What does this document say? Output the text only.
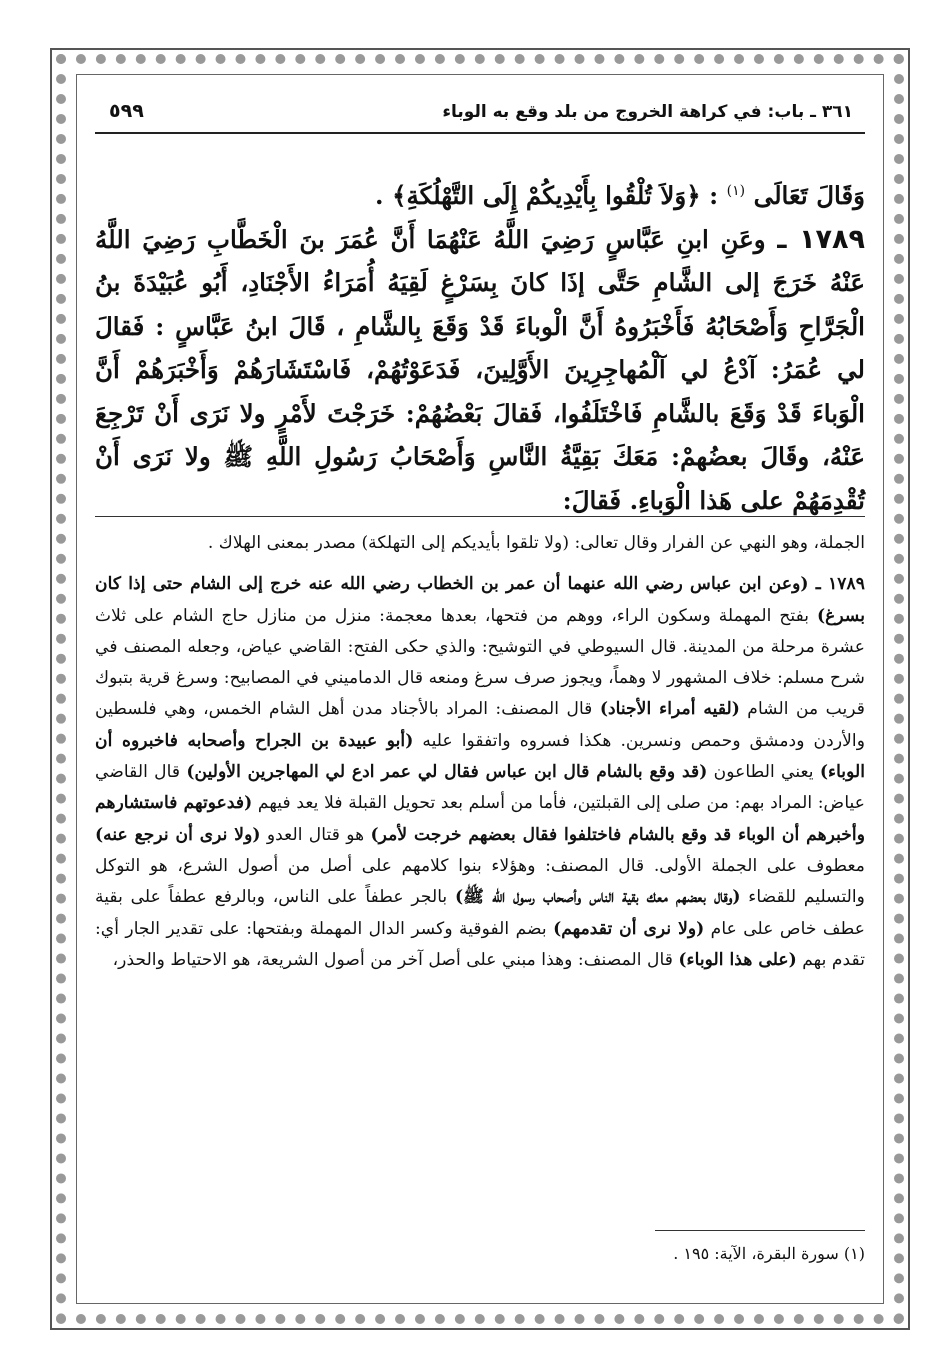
٣٦١ ـ باب: في كراهة الخروج من بلد وقع به الوباء
٥٩٩

وَقَالَ تَعَالَى $^{(١)}$ : ﴿وَلاَ تُلْقُوا بِأَيْدِيكُمْ إِلَى التَّهْلُكَةِ﴾ .

١٧٨٩ ـ وعَنِ ابنِ عَبَّاسٍ رَضِيَ اللَّهُ عَنْهُمَا أَنَّ عُمَرَ بنَ الْخَطَّابِ رَضِيَ اللَّهُ عَنْهُ خَرَجَ إلى الشَّامِ حَتَّى إذَا كانَ بِسَرْغٍ لَقِيَهُ أُمَرَاءُ الأَجْنَادِ، أَبُو عُبَيْدَةَ بنُ الْجَرَّاحِ وَأَصْحَابُهُ فَأَخْبَرُوهُ أَنَّ الْوباءَ قَدْ وَقَعَ بِالشَّامِ ، قَالَ ابنُ عَبَّاسٍ : فَقالَ لي عُمَرُ: آدْعُ لي آلْمُهاجِرِينَ الأَوَّلِينَ، فَدَعَوْتُهُمْ، فَاسْتَشَارَهُمْ وَأَخْبَرَهُمْ أَنَّ الْوَباءَ قَدْ وَقَعَ بالشَّامِ فَاخْتَلَفُوا، فَقالَ بَعْضُهُمْ: خَرَجْتَ لأَمْرٍ ولا نَرَى أَنْ تَرْجِعَ عَنْهُ، وقَالَ بعضُهمْ: مَعَكَ بَقِيَّةُ النَّاسِ وَأَصْحَابُ رَسُولِ اللَّهِ ﷺ ولا نَرَى أَنْ تُقْدِمَهُمْ على هَذا الْوَباءِ. فَقالَ:

الجملة، وهو النهي عن الفرار وقال تعالى: (ولا تلقوا بأيديكم إلى التهلكة) مصدر بمعنى الهلاك .

١٧٨٩ ـ (وعن ابن عباس رضي الله عنهما أن عمر بن الخطاب رضي الله عنه خرج إلى الشام حتى إذا كان بسرغ) بفتح المهملة وسكون الراء، ووهم من فتحها، بعدها معجمة: منزل من منازل حاج الشام على ثلاث عشرة مرحلة من المدينة. قال السيوطي في التوشيح: والذي حكى الفتح: القاضي عياض، وجعله المصنف في شرح مسلم: خلاف المشهور لا وهماً، ويجوز صرف سرغ ومنعه قال الدماميني في المصابيح: وسرغ قرية بتبوك قريب من الشام (لقيه أمراء الأجناد) قال المصنف: المراد بالأجناد مدن أهل الشام الخمس، وهي فلسطين والأردن ودمشق وحمص ونسرين. هكذا فسروه واتفقوا عليه (أبو عبيدة بن الجراح وأصحابه فاخبروه أن الوباء) يعني الطاعون (قد وقع بالشام قال ابن عباس فقال لي عمر ادع لي المهاجرين الأولين) قال القاضي عياض: المراد بهم: من صلى إلى القبلتين، فأما من أسلم بعد تحويل القبلة فلا يعد فيهم (فدعوتهم فاستشارهم وأخبرهم أن الوباء قد وقع بالشام فاختلفوا فقال بعضهم خرجت لأمر) هو قتال العدو (ولا نرى أن نرجع عنه) معطوف على الجملة الأولى. قال المصنف: وهؤلاء بنوا كلامهم على أصل من أصول الشرع، هو التوكل والتسليم للقضاء (وقال بعضهم معك بقية الناس وأصحاب رسول الله ﷺ) بالجر عطفاً على الناس، وبالرفع عطفاً على بقية عطف خاص على عام (ولا نرى أن تقدمهم) بضم الفوقية وكسر الدال المهملة وبفتحها: على تقدير الجار أي: تقدم بهم (على هذا الوباء) قال المصنف: وهذا مبني على أصل آخر من أصول الشريعة، هو الاحتياط والحذر،

(١) سورة البقرة، الآية: ١٩٥ .
